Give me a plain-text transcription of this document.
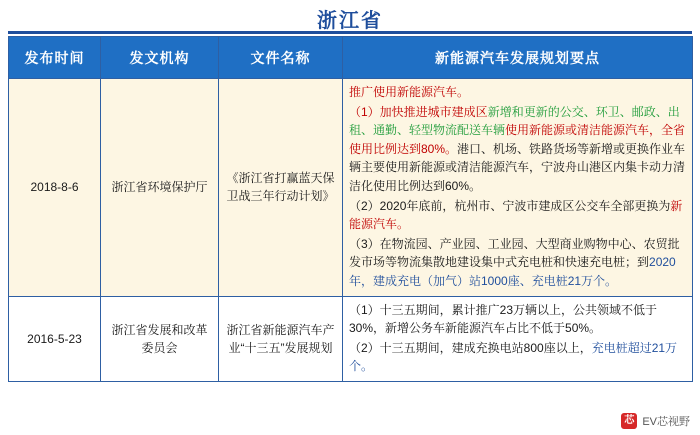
浙江省
发布时间	发文机构	文件名称	新能源汽车发展规划要点
2018-8-6	浙江省环境保护厅	《浙江省打赢蓝天保卫战三年行动计划》	推广使用新能源汽车。
（1）加快推进城市建成区新增和更新的公交、环卫、邮政、出租、通勤、轻型物流配送车辆使用新能源或清洁能源汽车，全省使用比例达到80%。港口、机场、铁路货场等新增或更换作业车辆主要使用新能源或清洁能源汽车，宁波舟山港区内集卡动力清洁化使用比例达到60%。
（2）2020年底前，杭州市、宁波市建成区公交车全部更换为新能源汽车。
（3）在物流园、产业园、工业园、大型商业购物中心、农贸批发市场等物流集散地建设集中式充电桩和快速充电桩；到2020年，建成充电（加气）站1000座、充电桩21万个。

2016-5-23	浙江省发展和改革委员会	浙江省新能源汽车产业“十三五”发展规划	（1）十三五期间，累计推广23万辆以上，公共领域不低于30%，新增公务车新能源汽车占比不低于50%。
（2）十三五期间，建成充换电站800座以上，充电桩超过21万个。
芯 EV芯视野
